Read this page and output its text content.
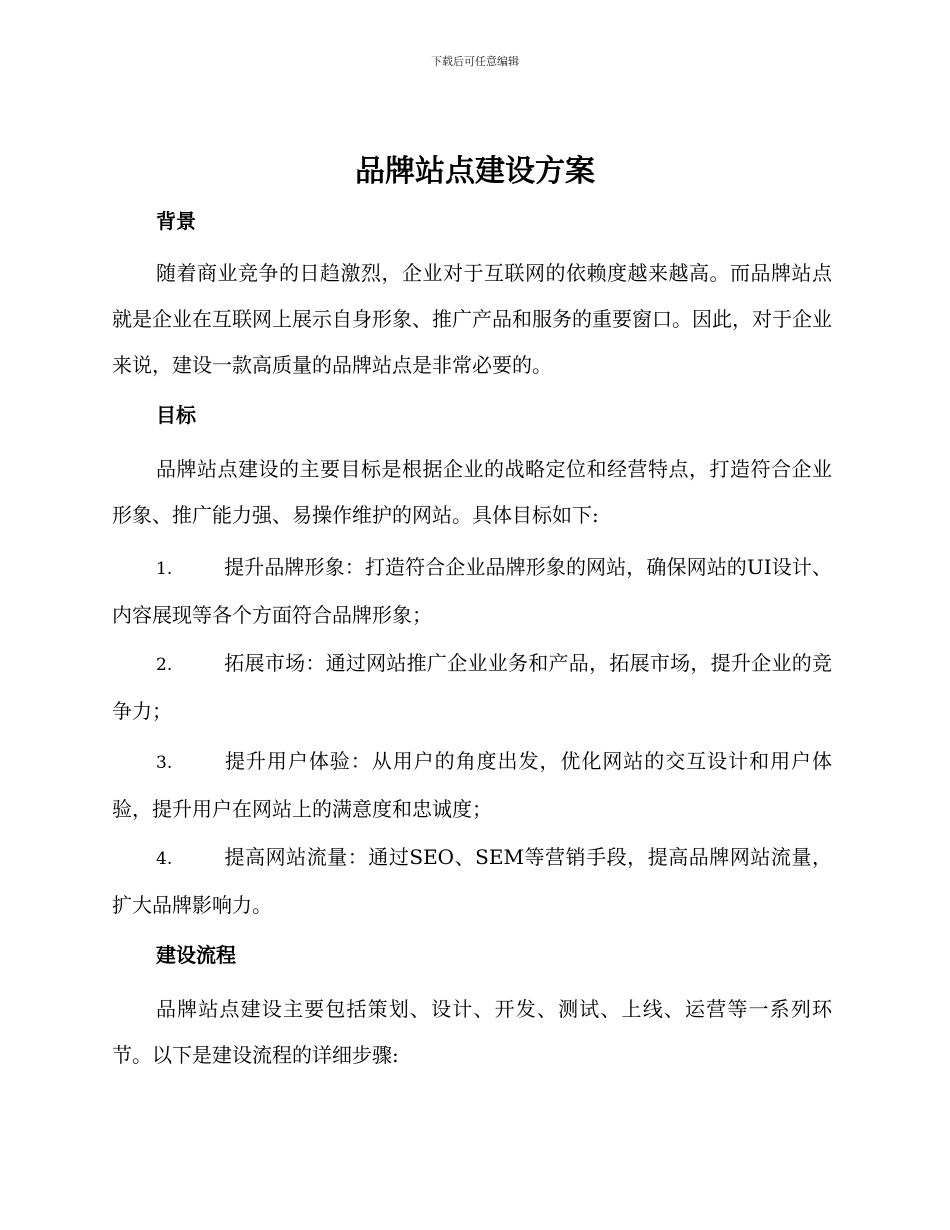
下载后可任意编辑
品牌站点建设方案
背景

随着商业竞争的日趋激烈，企业对于互联网的依赖度越来越高。而品牌站点就是企业在互联网上展示自身形象、推广产品和服务的重要窗口。因此，对于企业来说，建设一款高质量的品牌站点是非常必要的。

目标

品牌站点建设的主要目标是根据企业的战略定位和经营特点，打造符合企业形象、推广能力强、易操作维护的网站。具体目标如下:

1.	提升品牌形象：打造符合企业品牌形象的网站，确保网站的UI设计、内容展现等各个方面符合品牌形象；

2.	拓展市场：通过网站推广企业业务和产品，拓展市场，提升企业的竞争力；

3.	提升用户体验：从用户的角度出发，优化网站的交互设计和用户体验，提升用户在网站上的满意度和忠诚度；

4.	提高网站流量：通过SEO、SEM等营销手段，提高品牌网站流量，扩大品牌影响力。

建设流程

品牌站点建设主要包括策划、设计、开发、测试、上线、运营等一系列环节。以下是建设流程的详细步骤:
